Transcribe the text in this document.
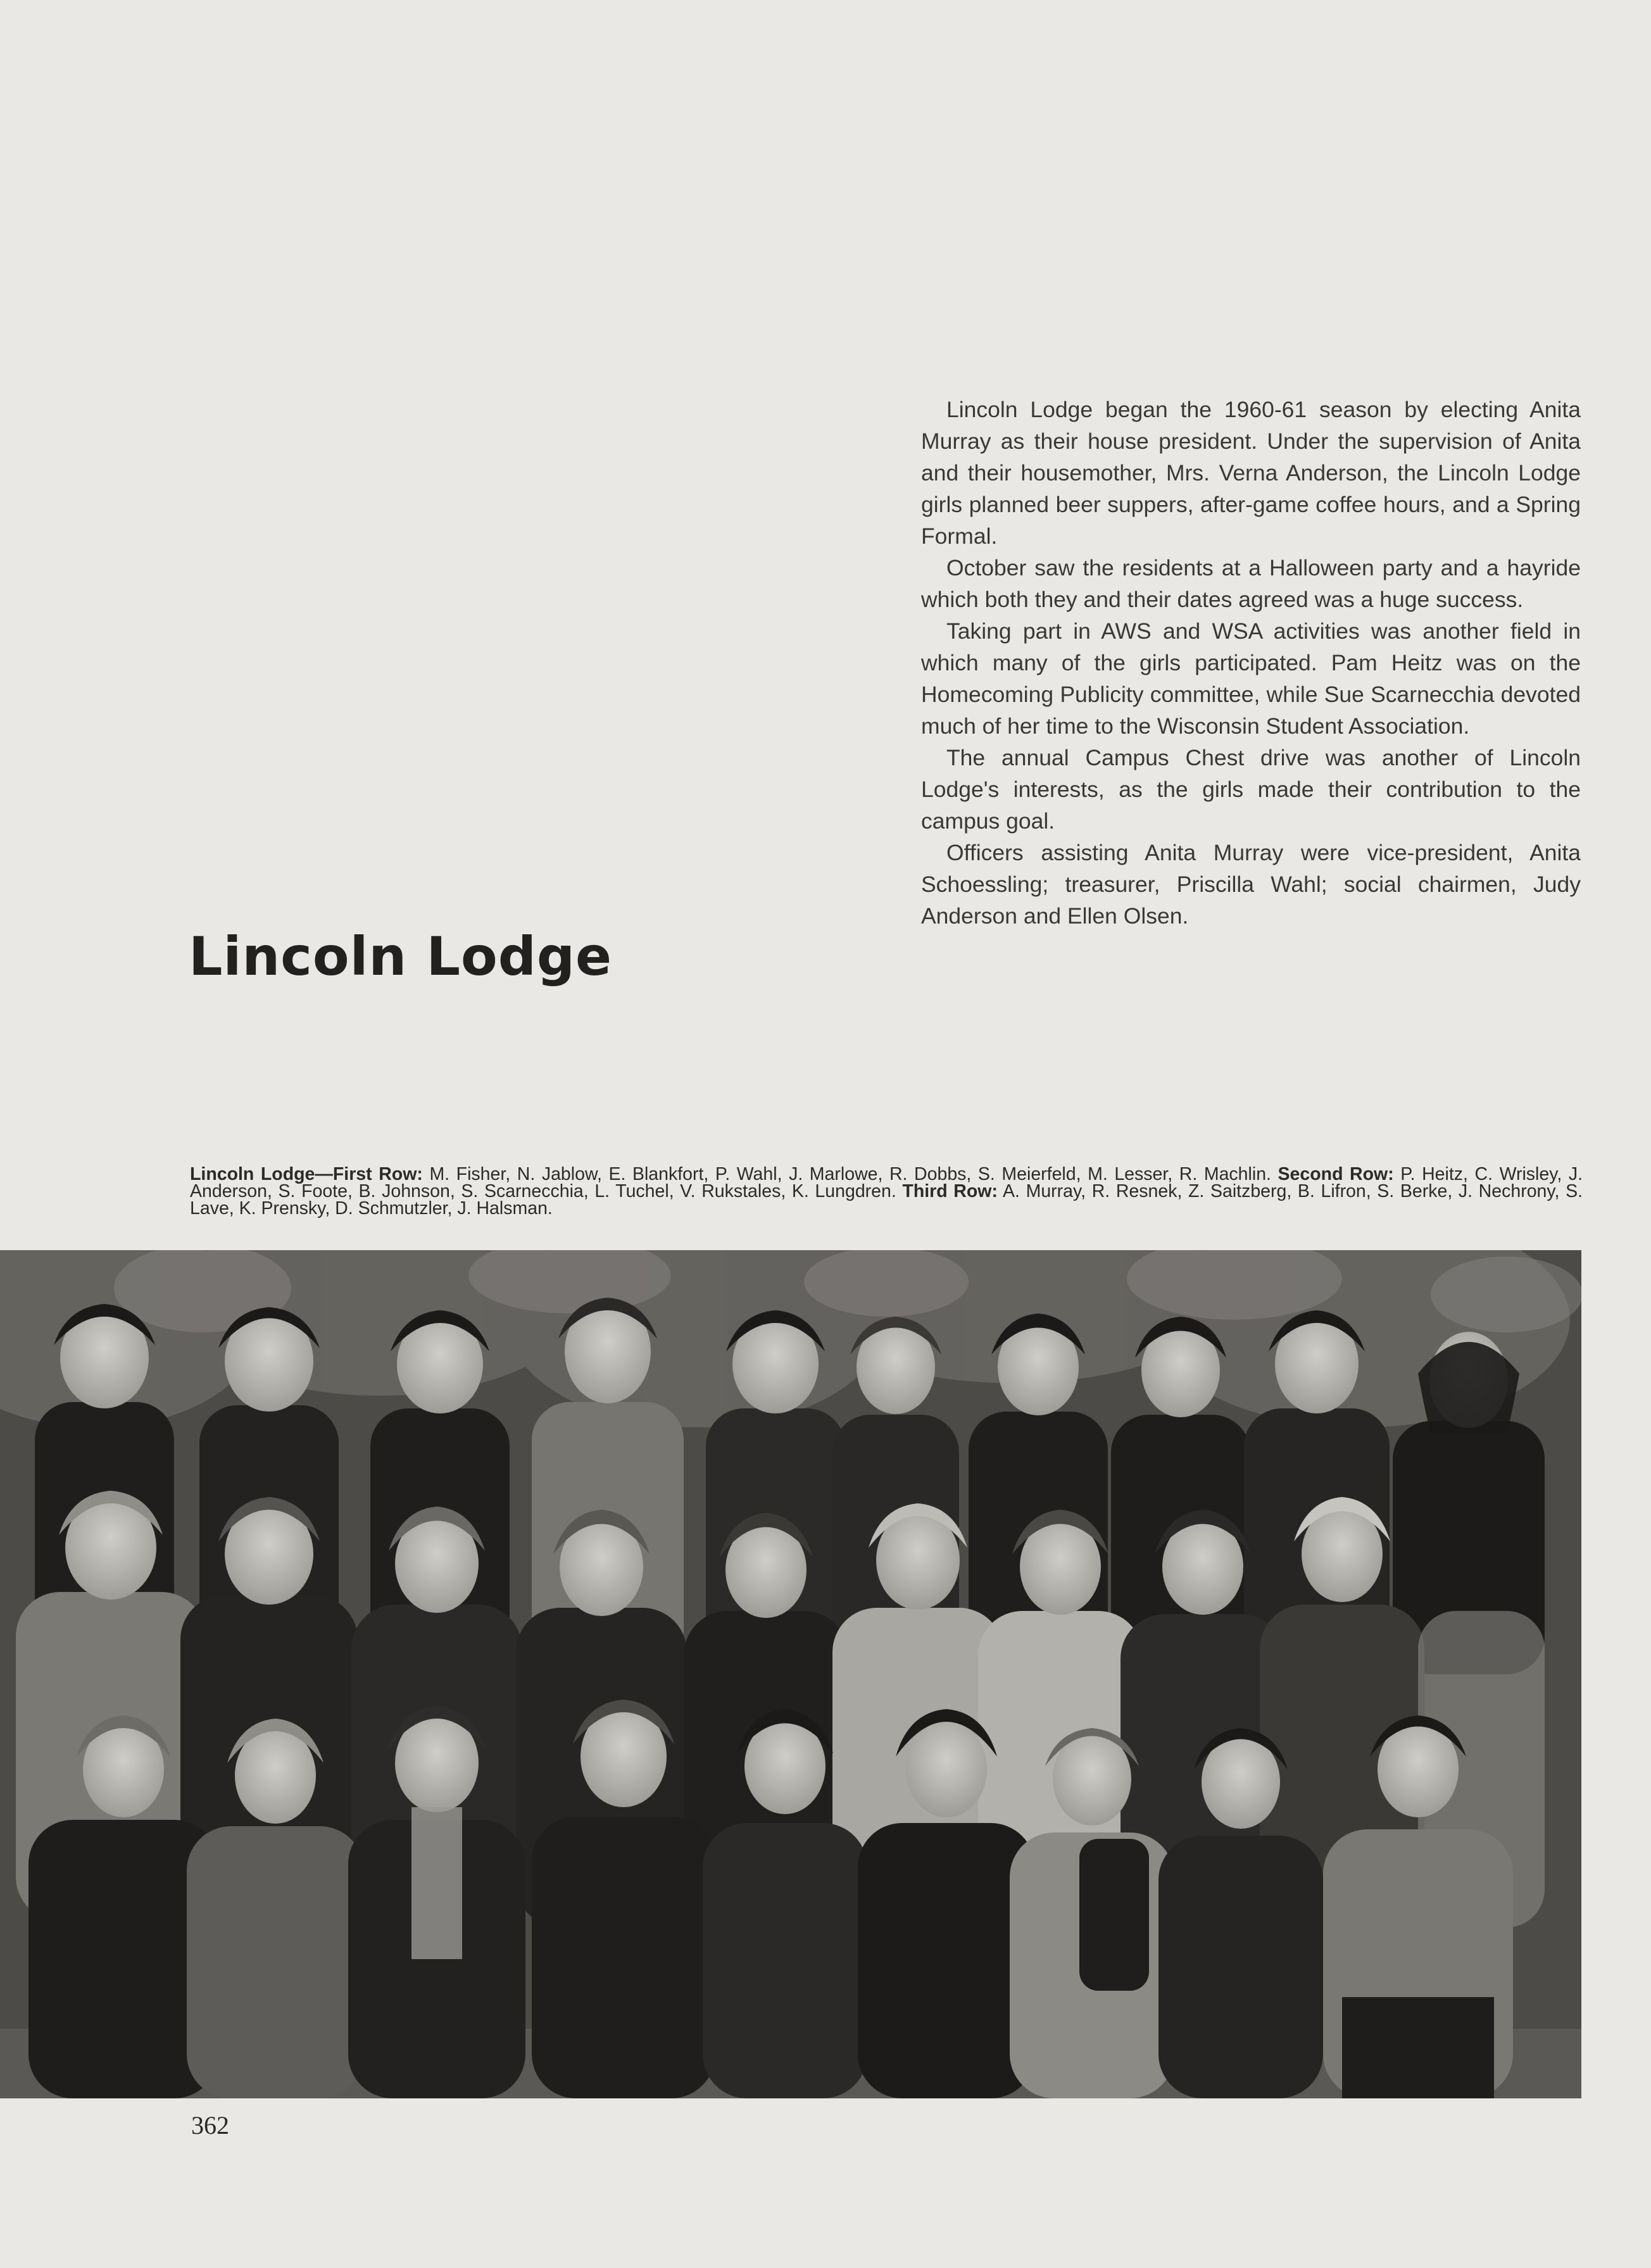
Lincoln Lodge

Lincoln Lodge began the 1960-61 season by electing Anita Murray as their house president. Under the supervision of Anita and their housemother, Mrs. Verna Anderson, the Lincoln Lodge girls planned beer suppers, after-game coffee hours, and a Spring Formal.

October saw the residents at a Halloween party and a hayride which both they and their dates agreed was a huge success.

Taking part in AWS and WSA activities was another field in which many of the girls participated. Pam Heitz was on the Homecoming Publicity committee, while Sue Scarnecchia devoted much of her time to the Wisconsin Student Association.

The annual Campus Chest drive was another of Lincoln Lodge's interests, as the girls made their contribution to the campus goal.

Officers assisting Anita Murray were vice-president, Anita Schoessling; treasurer, Priscilla Wahl; social chairmen, Judy Anderson and Ellen Olsen.

Lincoln Lodge—First Row: M. Fisher, N. Jablow, E. Blankfort, P. Wahl, J. Marlowe, R. Dobbs, S. Meierfeld, M. Lesser, R. Machlin. Second Row: P. Heitz, C. Wrisley, J. Anderson, S. Foote, B. Johnson, S. Scarnecchia, L. Tuchel, V. Rukstales, K. Lungdren. Third Row: A. Murray, R. Resnek, Z. Saitzberg, B. Lifron, S. Berke, J. Nechrony, S. Lave, K. Prensky, D. Schmutzler, J. Halsman.
362
